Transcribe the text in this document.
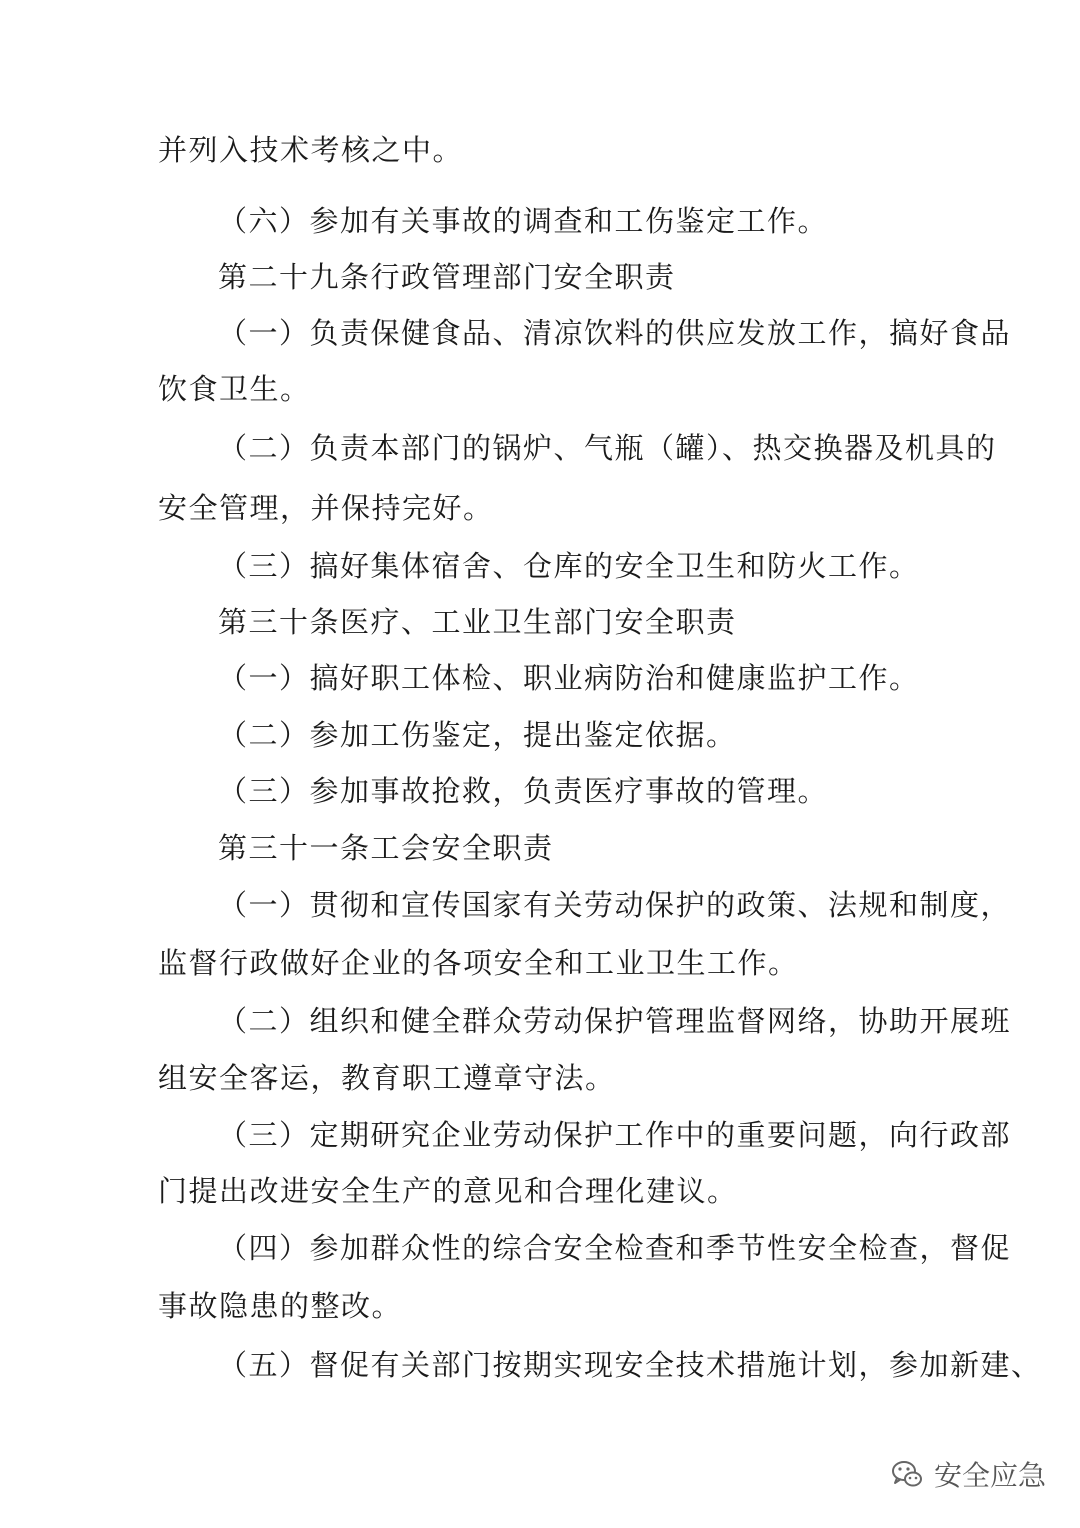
并列入技术考核之中。
（六）参加有关事故的调查和工伤鉴定工作。
第二十九条行政管理部门安全职责
（一）负责保健食品、清凉饮料的供应发放工作，搞好食品
饮食卫生。
（二）负责本部门的锅炉、气瓶（罐）、热交换器及机具的
安全管理，并保持完好。
（三）搞好集体宿舍、仓库的安全卫生和防火工作。
第三十条医疗、工业卫生部门安全职责
（一）搞好职工体检、职业病防治和健康监护工作。
（二）参加工伤鉴定，提出鉴定依据。
（三）参加事故抢救，负责医疗事故的管理。
第三十一条工会安全职责
（一）贯彻和宣传国家有关劳动保护的政策、法规和制度，
监督行政做好企业的各项安全和工业卫生工作。
（二）组织和健全群众劳动保护管理监督网络，协助开展班
组安全客运，教育职工遵章守法。
（三）定期研究企业劳动保护工作中的重要问题，向行政部
门提出改进安全生产的意见和合理化建议。
（四）参加群众性的综合安全检查和季节性安全检查，督促
事故隐患的整改。
（五）督促有关部门按期实现安全技术措施计划，参加新建、
安全应急
